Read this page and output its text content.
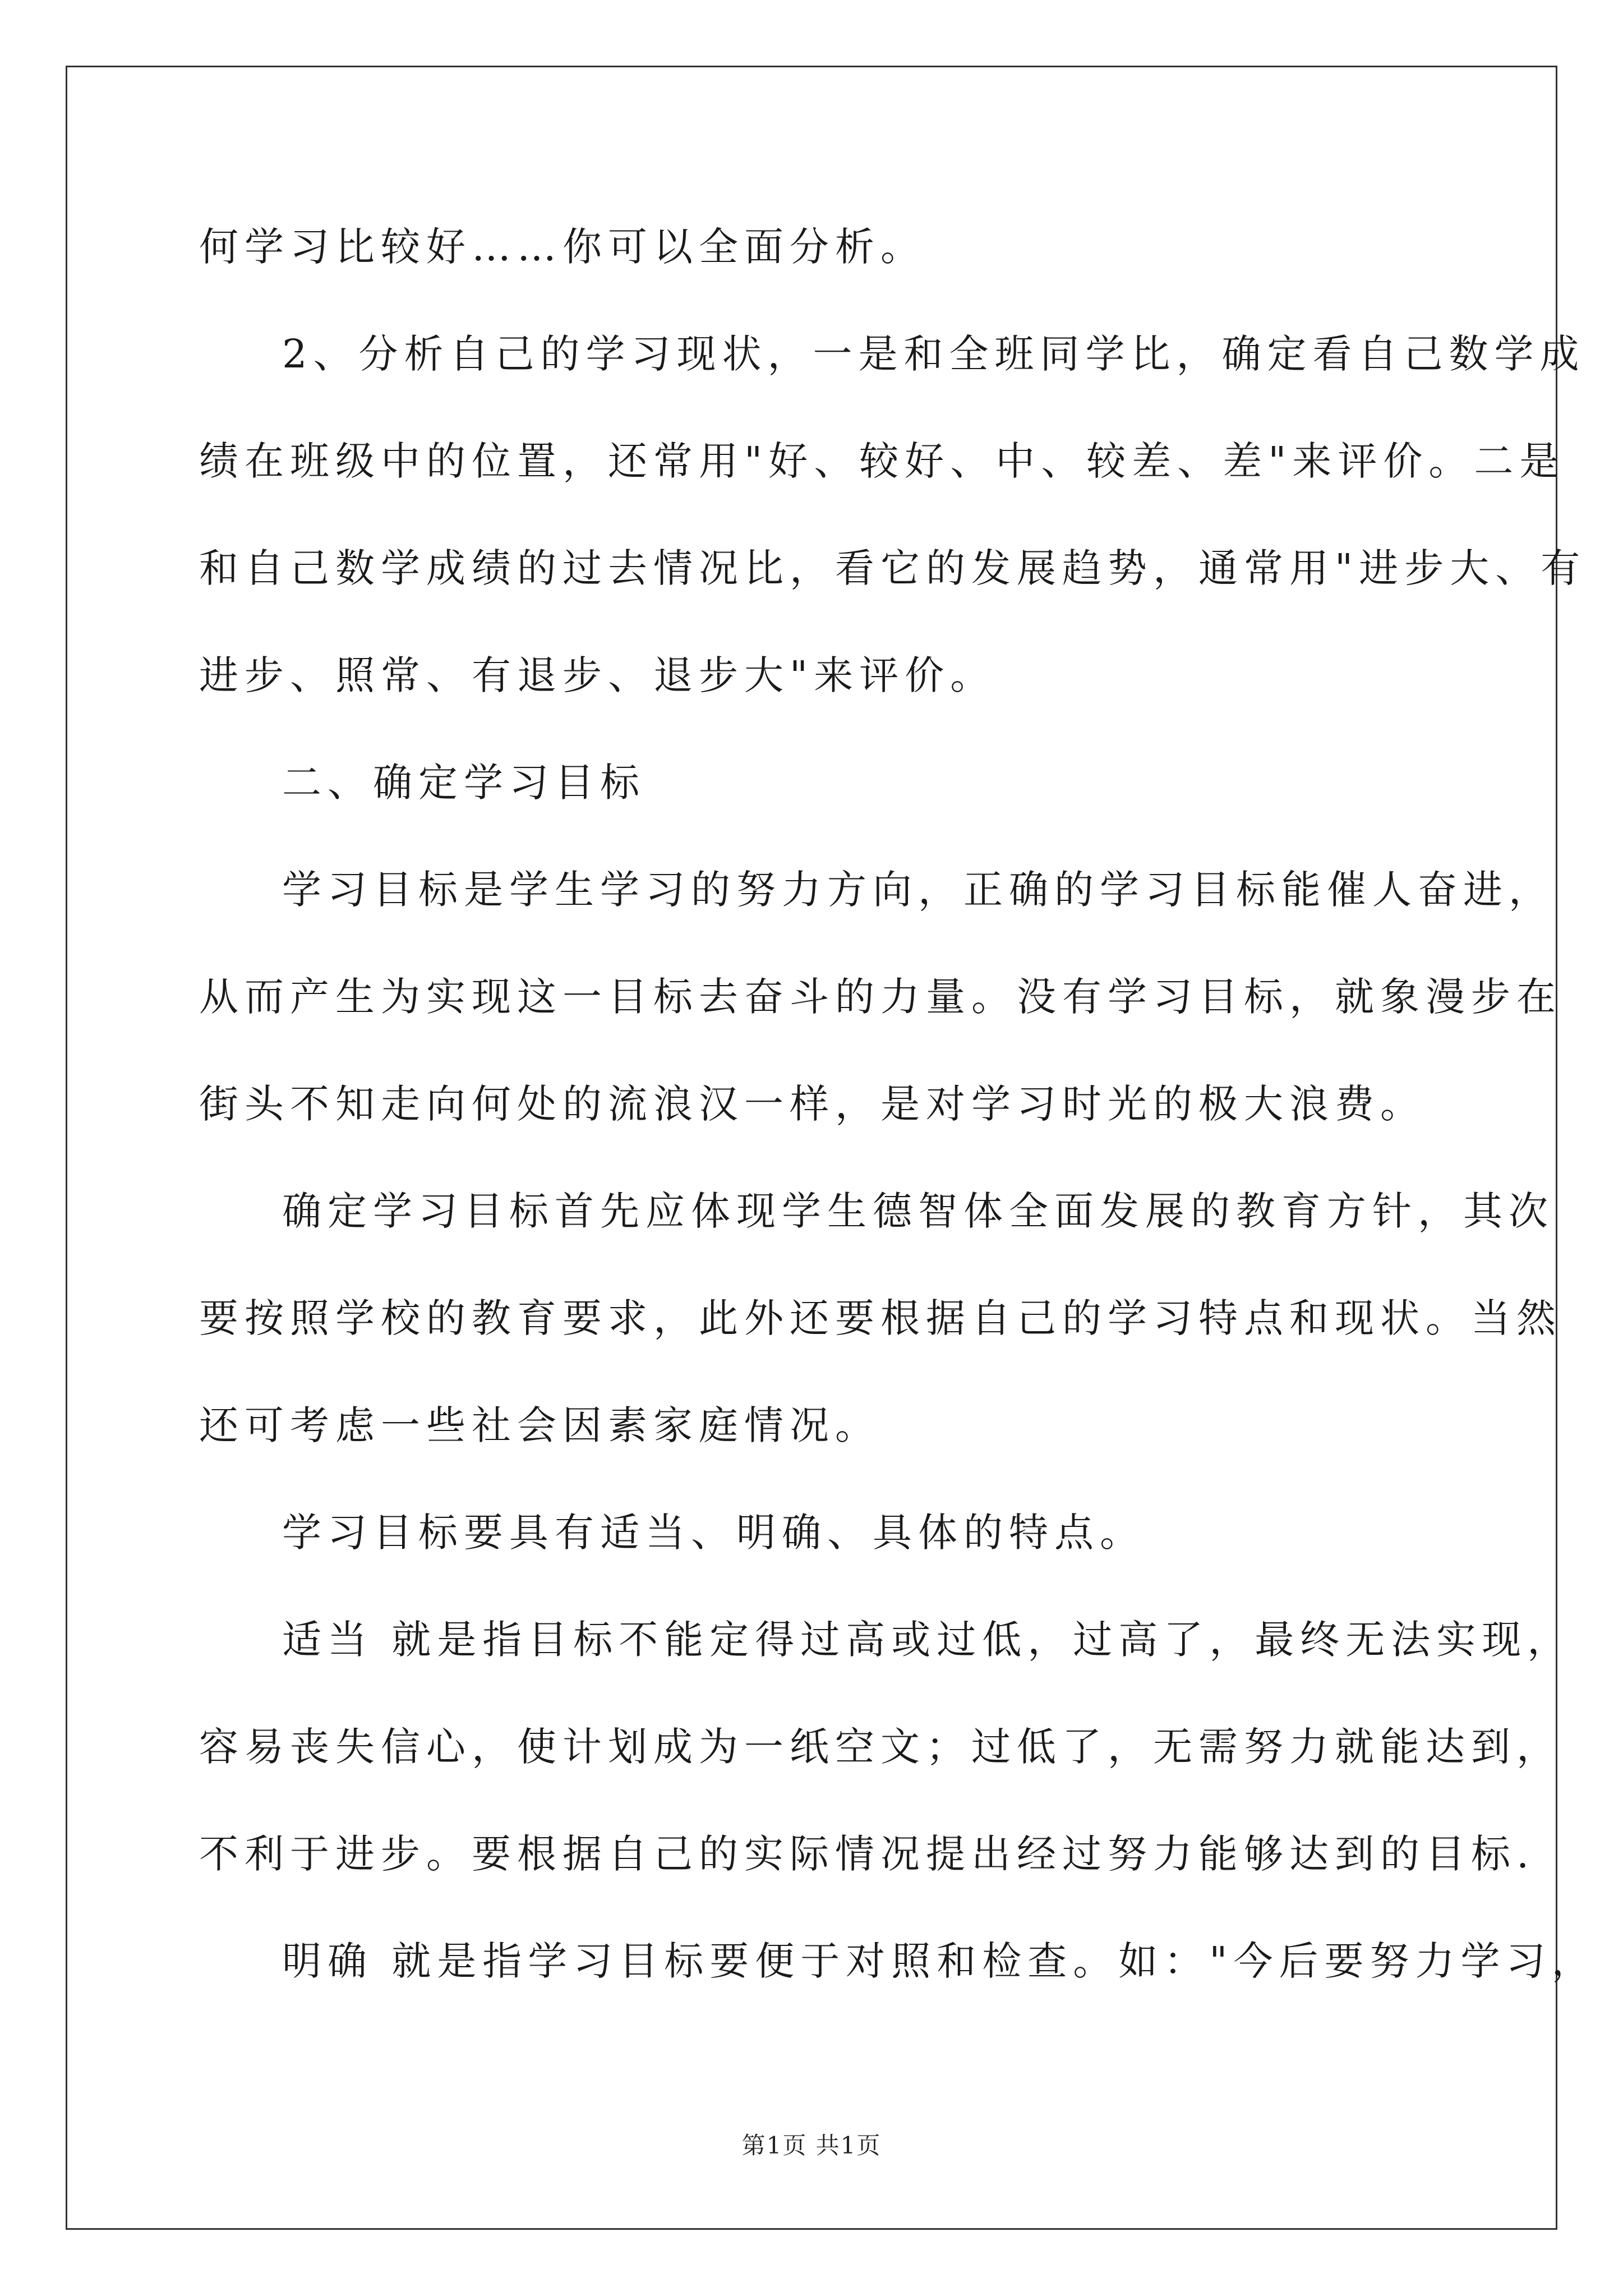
何学习比较好……你可以全面分析。
2、分析自己的学习现状，一是和全班同学比，确定看自己数学成
绩在班级中的位置，还常用"好、较好、中、较差、差"来评价。二是
和自己数学成绩的过去情况比，看它的发展趋势，通常用"进步大、有
进步、照常、有退步、退步大"来评价。
二、确定学习目标
学习目标是学生学习的努力方向，正确的学习目标能催人奋进，
从而产生为实现这一目标去奋斗的力量。没有学习目标，就象漫步在
街头不知走向何处的流浪汉一样，是对学习时光的极大浪费。
确定学习目标首先应体现学生德智体全面发展的教育方针，其次
要按照学校的教育要求，此外还要根据自己的学习特点和现状。当然
还可考虑一些社会因素家庭情况。
学习目标要具有适当、明确、具体的特点。
适当 就是指目标不能定得过高或过低，过高了，最终无法实现，
容易丧失信心，使计划成为一纸空文；过低了，无需努力就能达到，
不利于进步。要根据自己的实际情况提出经过努力能够达到的目标.
明确 就是指学习目标要便于对照和检查。如："今后要努力学习，
第1页 共1页
